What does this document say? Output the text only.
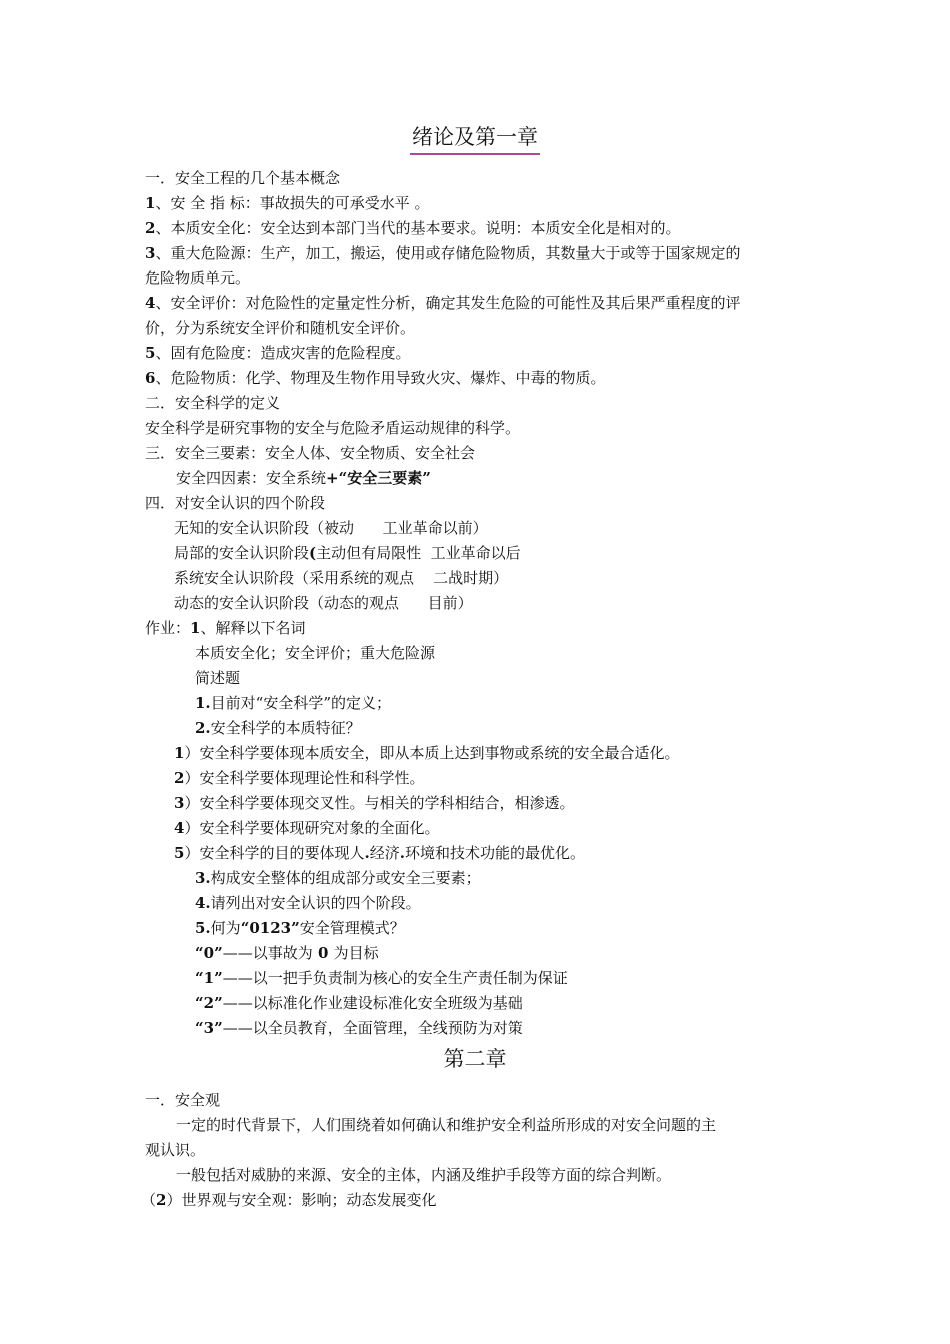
绪论及第一章
一．安全工程的几个基本概念
1、安 全 指 标：事故损失的可承受水平 。
2、本质安全化：安全达到本部门当代的基本要求。说明：本质安全化是相对的。
3、重大危险源：生产，加工，搬运，使用或存储危险物质，其数量大于或等于国家规定的
危险物质单元。
4、安全评价：对危险性的定量定性分析，确定其发生危险的可能性及其后果严重程度的评
价，分为系统安全评价和随机安全评价。
5、固有危险度：造成灾害的危险程度。
6、危险物质：化学、物理及生物作用导致火灾、爆炸、中毒的物质。
二．安全科学的定义
安全科学是研究事物的安全与危险矛盾运动规律的科学。
三．安全三要素：安全人体、安全物质、安全社会
安全四因素：安全系统+“安全三要素”
四．对安全认识的四个阶段
无知的安全认识阶段（被动      工业革命以前）
局部的安全认识阶段(主动但有局限性  工业革命以后
系统安全认识阶段（采用系统的观点    二战时期）
动态的安全认识阶段（动态的观点      目前）
作业：1、解释以下名词
本质安全化；安全评价；重大危险源
简述题
1.目前对“安全科学”的定义；
2.安全科学的本质特征？
1）安全科学要体现本质安全，即从本质上达到事物或系统的安全最合适化。
2）安全科学要体现理论性和科学性。
3）安全科学要体现交叉性。与相关的学科相结合，相渗透。
4）安全科学要体现研究对象的全面化。
5）安全科学的目的要体现人.经济.环境和技术功能的最优化。
3.构成安全整体的组成部分或安全三要素；
4.请列出对安全认识的四个阶段。
5.何为“0123”安全管理模式？
“0”——以事故为 0 为目标
“1”——以一把手负责制为核心的安全生产责任制为保证
“2”——以标准化作业建设标准化安全班级为基础
“3”——以全员教育，全面管理，全线预防为对策
第二章
一．安全观
一定的时代背景下，人们围绕着如何确认和维护安全利益所形成的对安全问题的主
观认识。
一般包括对威胁的来源、安全的主体，内涵及维护手段等方面的综合判断。
（2）世界观与安全观：影响；动态发展变化
